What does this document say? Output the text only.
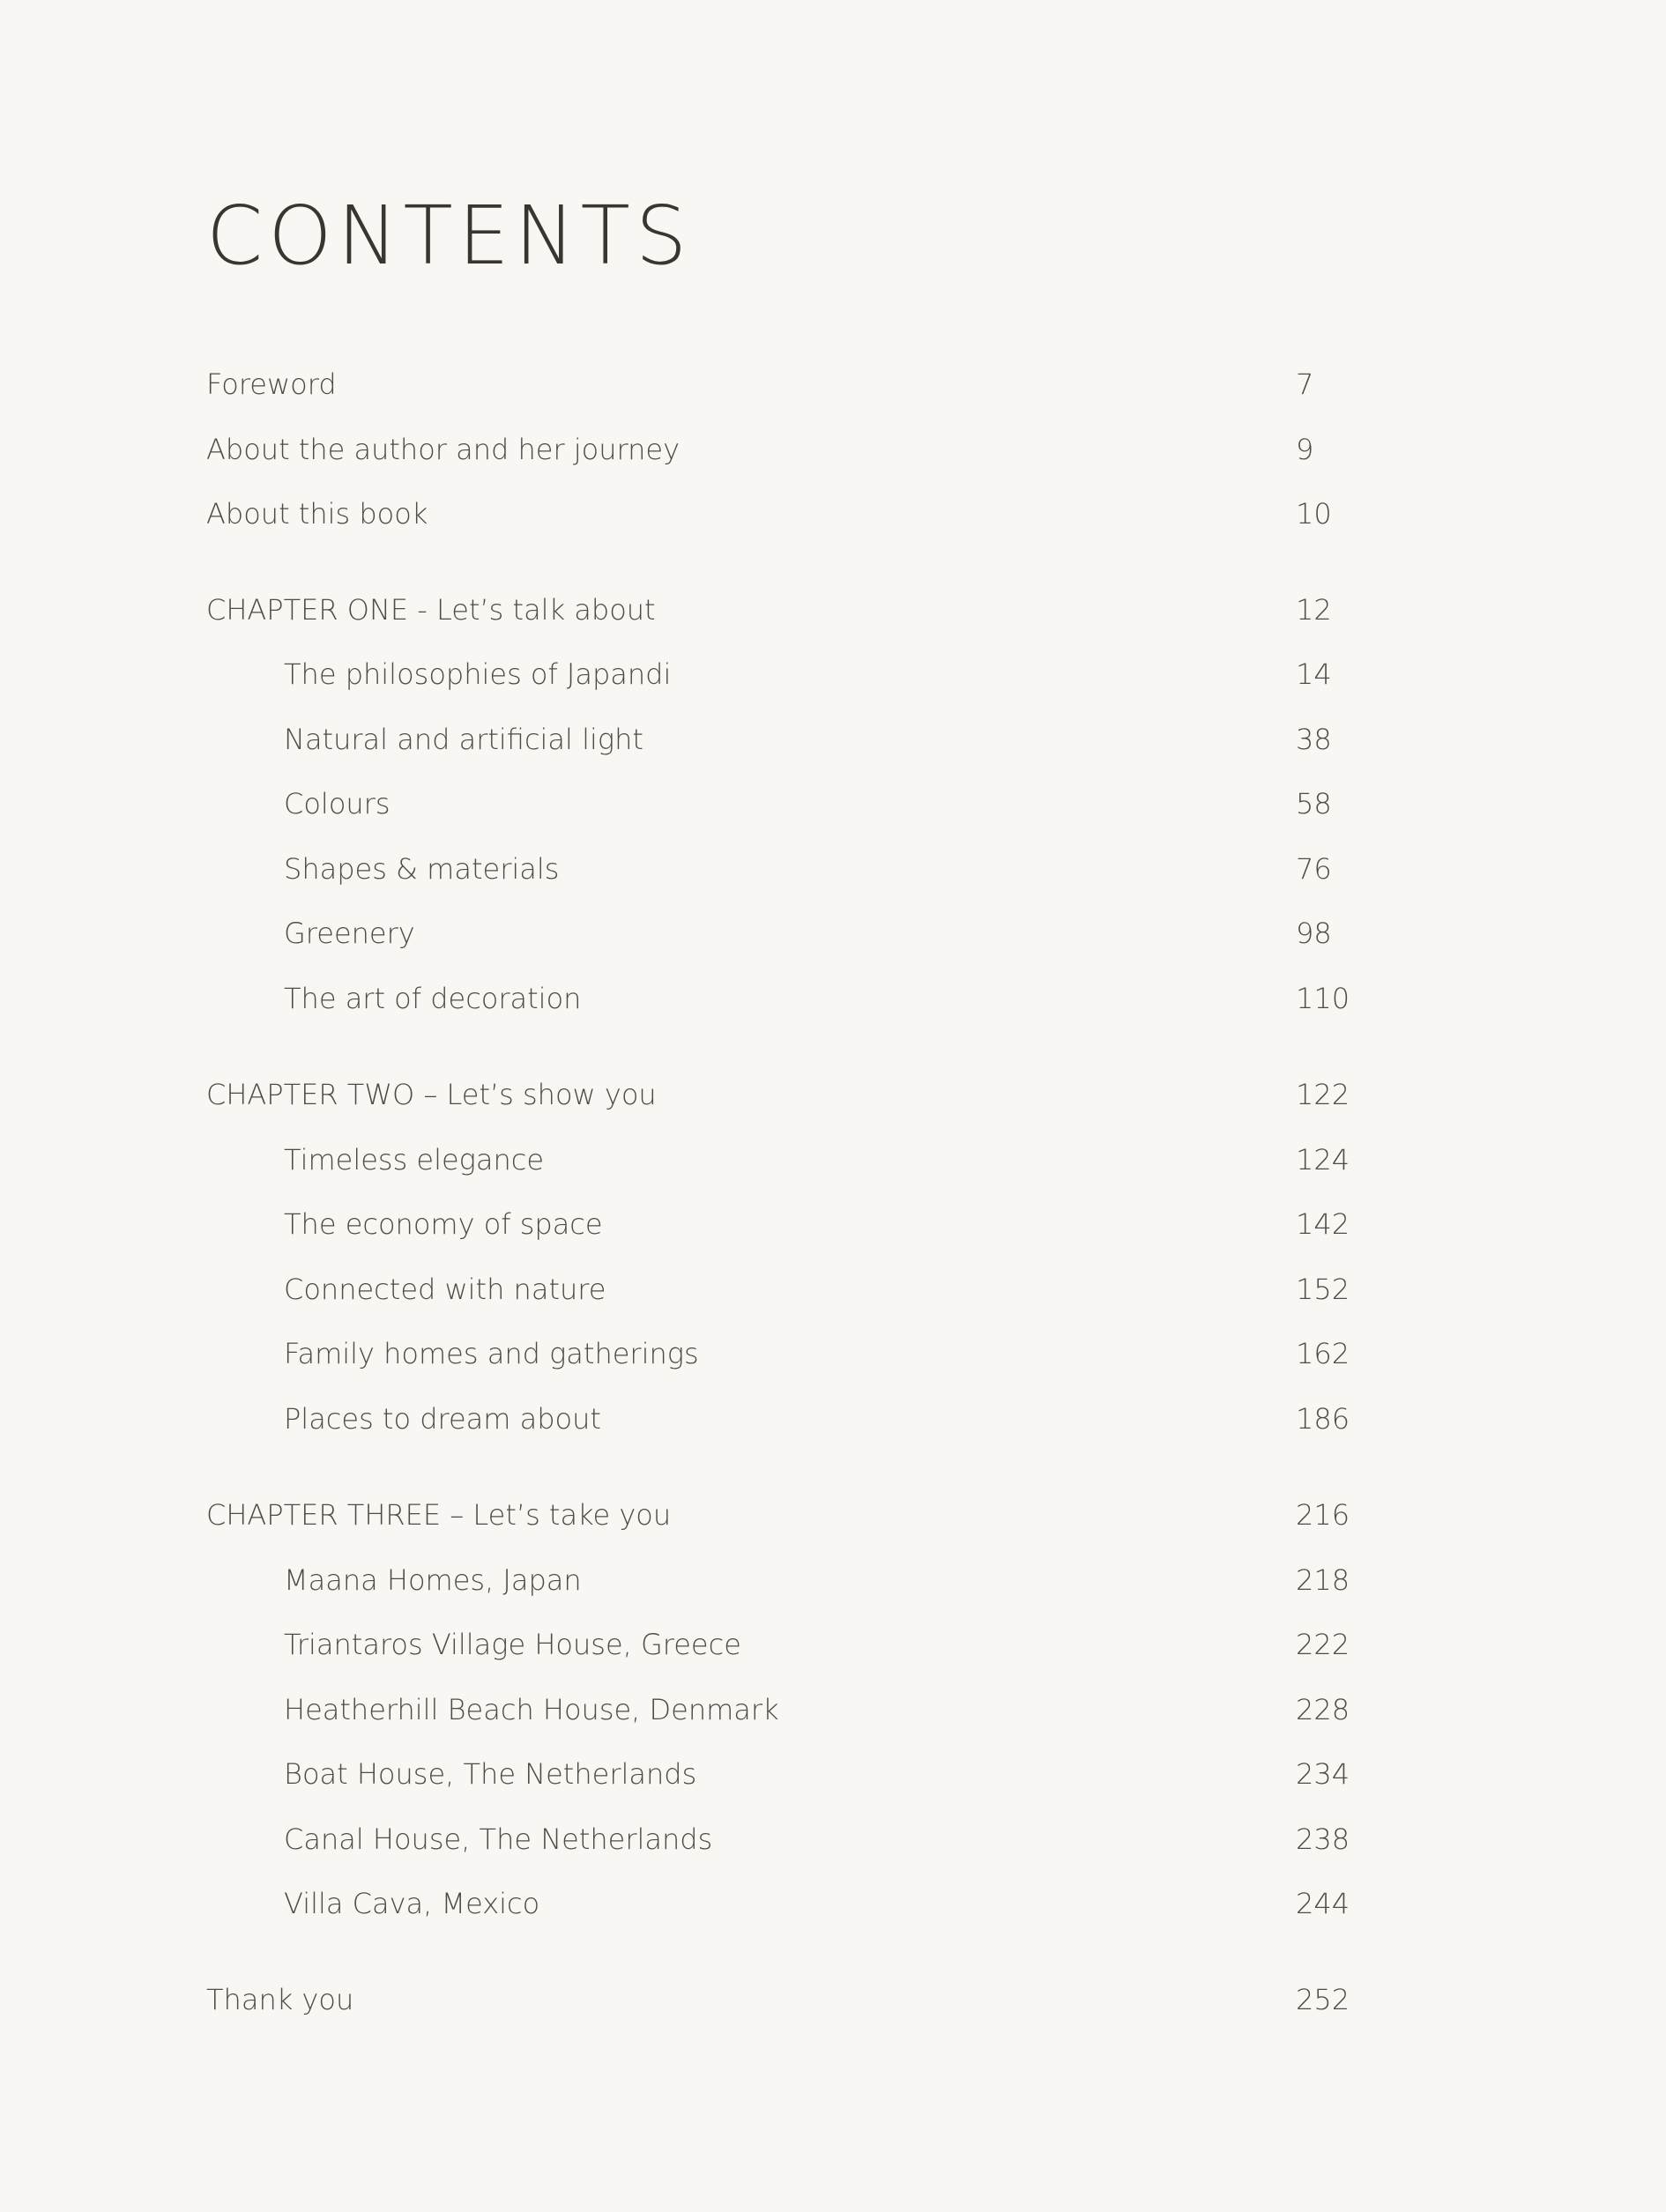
CONTENTS
Foreword	7
About the author and her journey	9
About this book	10
CHAPTER ONE - Let’s talk about	12
The philosophies of Japandi	14
Natural and artificial light	38
Colours	58
Shapes & materials	76
Greenery	98
The art of decoration	110
CHAPTER TWO – Let’s show you	122
Timeless elegance	124
The economy of space	142
Connected with nature	152
Family homes and gatherings	162
Places to dream about	186
CHAPTER THREE – Let’s take you	216
Maana Homes, Japan	218
Triantaros Village House, Greece	222
Heatherhill Beach House, Denmark	228
Boat House, The Netherlands	234
Canal House, The Netherlands	238
Villa Cava, Mexico	244
Thank you	252
